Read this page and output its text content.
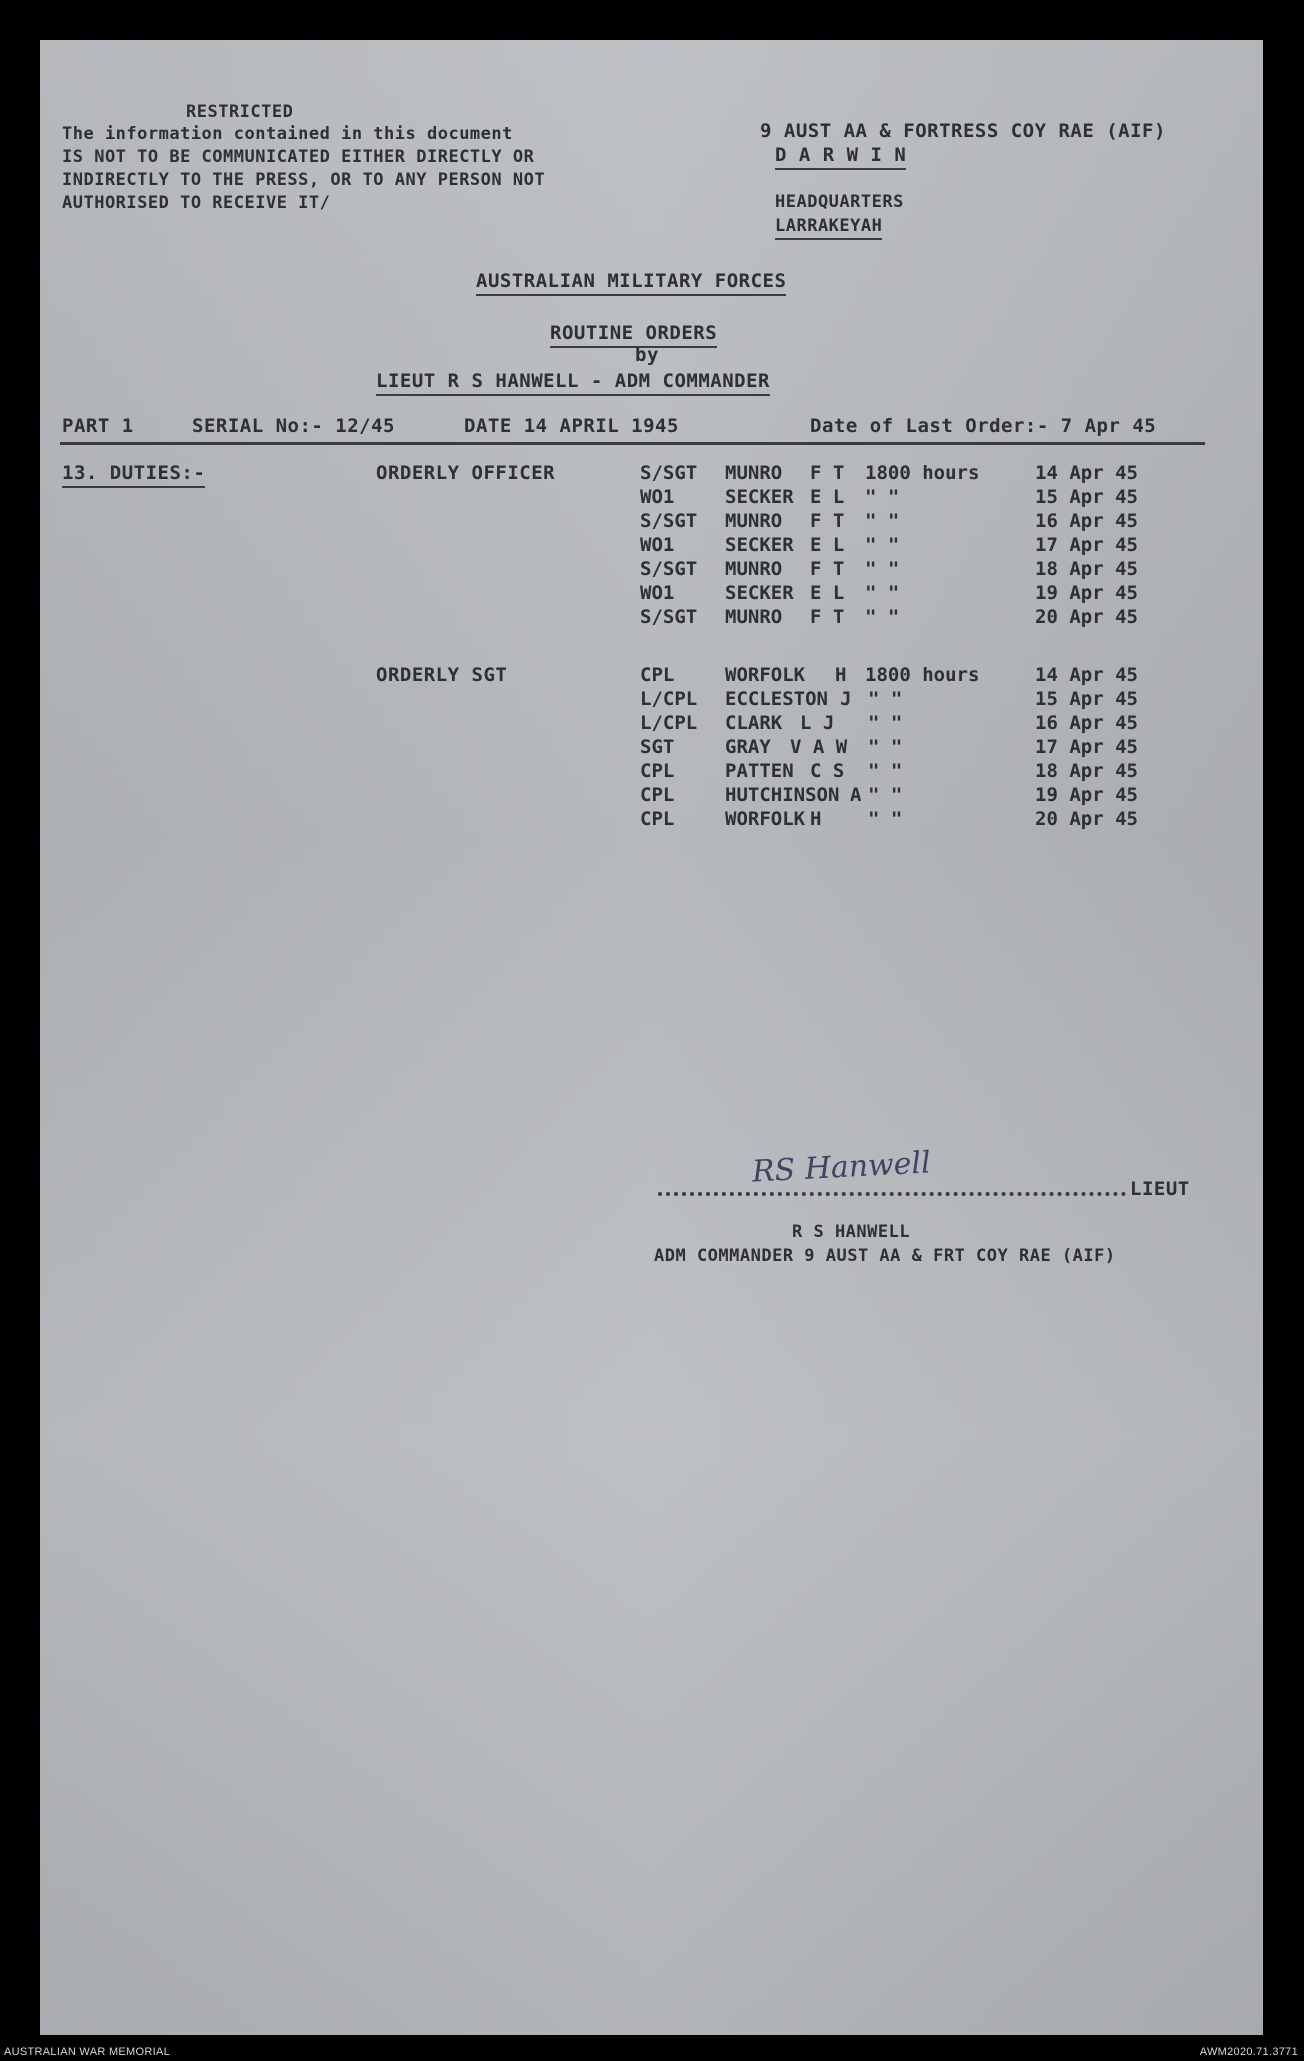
RESTRICTED
The information contained in this document
IS NOT TO BE COMMUNICATED EITHER DIRECTLY OR
INDIRECTLY TO THE PRESS, OR TO ANY PERSON NOT
AUTHORISED TO RECEIVE IT/
9 AUST AA & FORTRESS COY RAE (AIF)
D A R W I N
HEADQUARTERS
LARRAKEYAH
AUSTRALIAN MILITARY FORCES
ROUTINE ORDERS
by
LIEUT R S HANWELL - ADM COMMANDER
PART 1	SERIAL No:- 12/45	DATE 14 APRIL 1945	Date of Last Order:- 7 Apr 45
13. DUTIES:-	ORDERLY OFFICER	S/SGT MUNRO F T 1800 hours	14 Apr 45
WO1	SECKER E L " "	15 Apr 45
S/SGT MUNRO F T " "	16 Apr 45
WO1	SECKER E L " "	17 Apr 45
S/SGT MUNRO F T " "	18 Apr 45
WO1	SECKER E L " "	19 Apr 45
S/SGT MUNRO F T " "	20 Apr 45
ORDERLY SGT	CPL	WORFOLK H 1800 hours	14 Apr 45
L/CPL ECCLESTON J " "	15 Apr 45
L/CPL CLARK L J " "	16 Apr 45
SGT	GRAY V A W " "	17 Apr 45
CPL	PATTEN C S " "	18 Apr 45
CPL	HUTCHINSON A " "	19 Apr 45
CPL	WORFOLK H " "	20 Apr 45
RS Hanwell	LIEUT
R S HANWELL
ADM COMMANDER 9 AUST AA & FRT COY RAE (AIF)
AUSTRALIAN WAR MEMORIAL	AWM2020.71.3771
